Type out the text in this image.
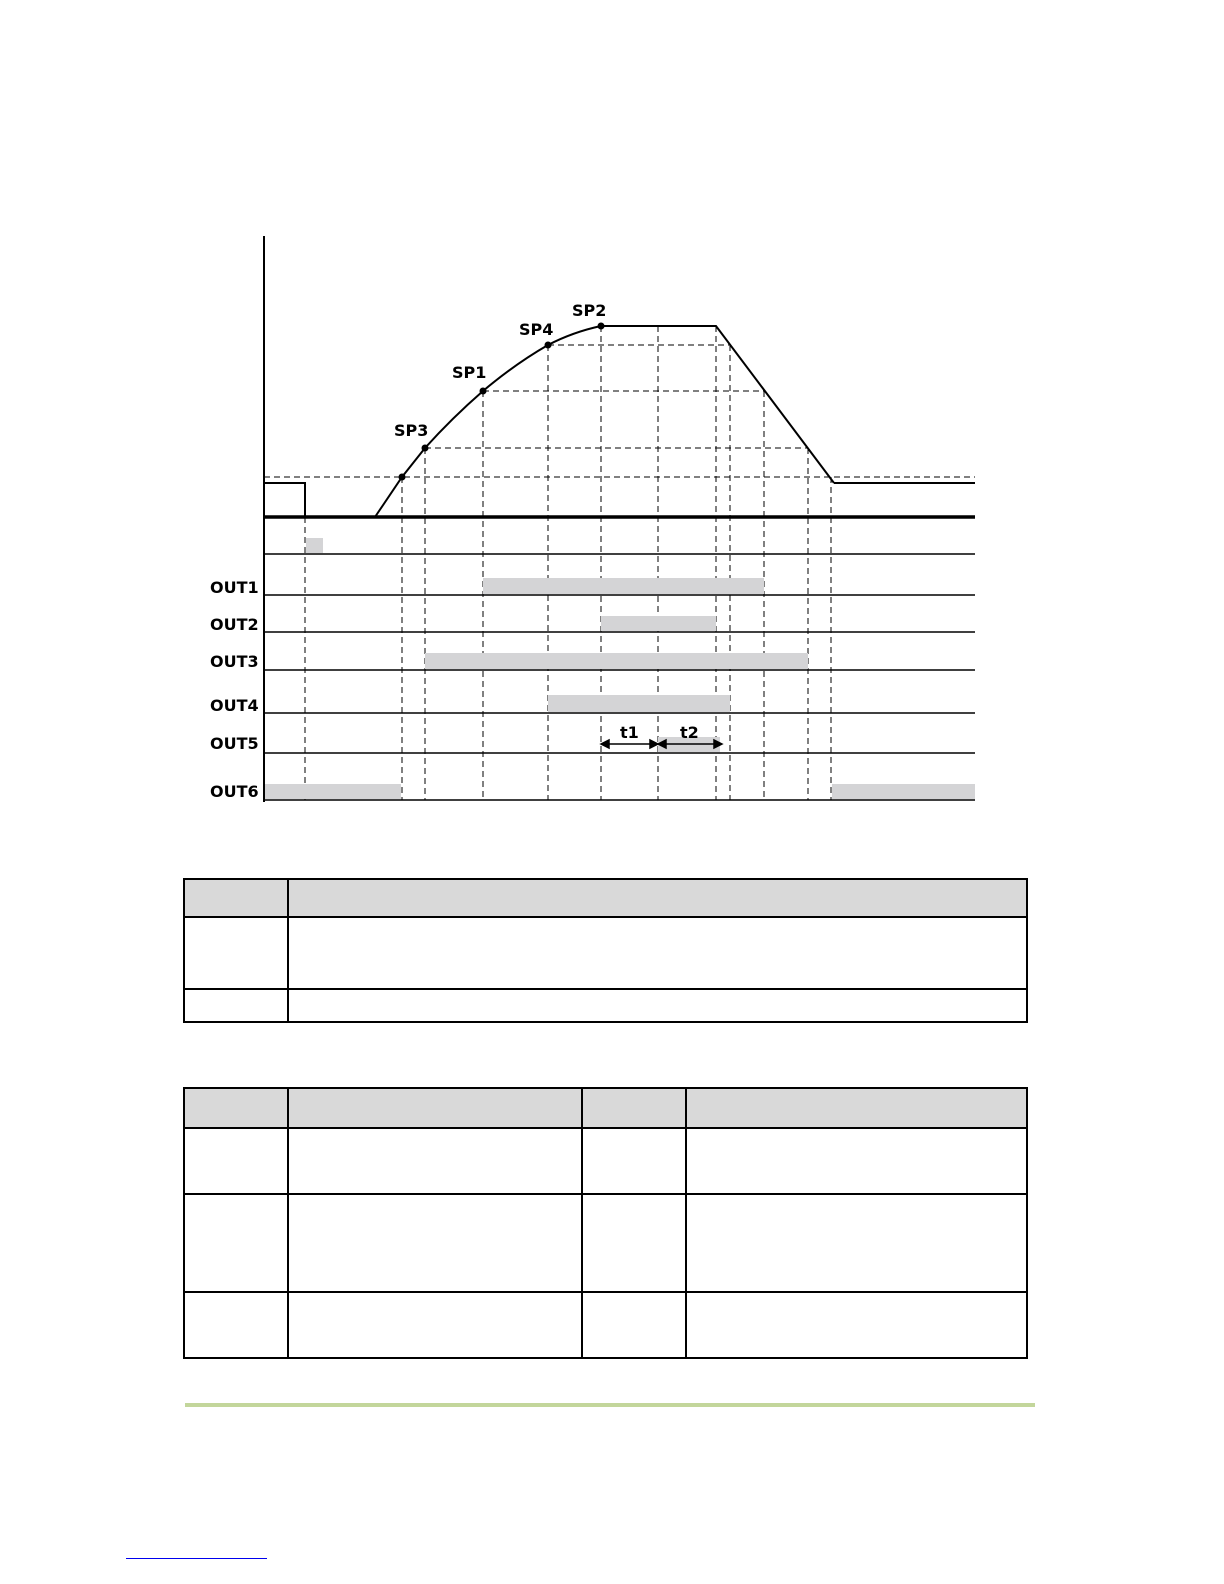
SP3
SP1
SP4
SP2
OUT1
OUT2
OUT3
OUT4
OUT5
OUT6
t1	t2
